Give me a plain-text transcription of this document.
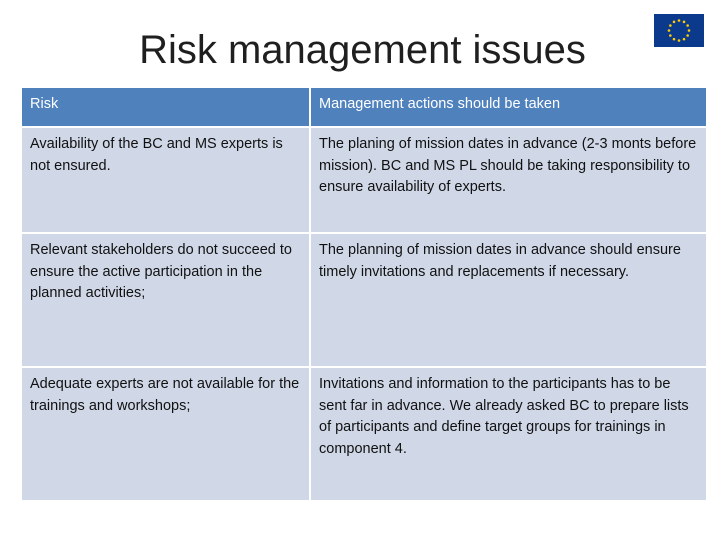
Risk management issues
Risk	Management actions should be taken
Availability of the BC and MS experts is not ensured.	The planing of mission dates in advance (2-3 monts before mission). BC and MS PL should be taking responsibility to ensure availability of experts.
Relevant stakeholders do not succeed to ensure the active participation in the planned activities;	The planning of mission dates in advance should ensure timely invitations and replacements if necessary.
Adequate experts are not available for the trainings and workshops;	Invitations and information to the participants has to be sent far in advance. We already asked BC to prepare lists of participants and define target groups for trainings in component 4.
